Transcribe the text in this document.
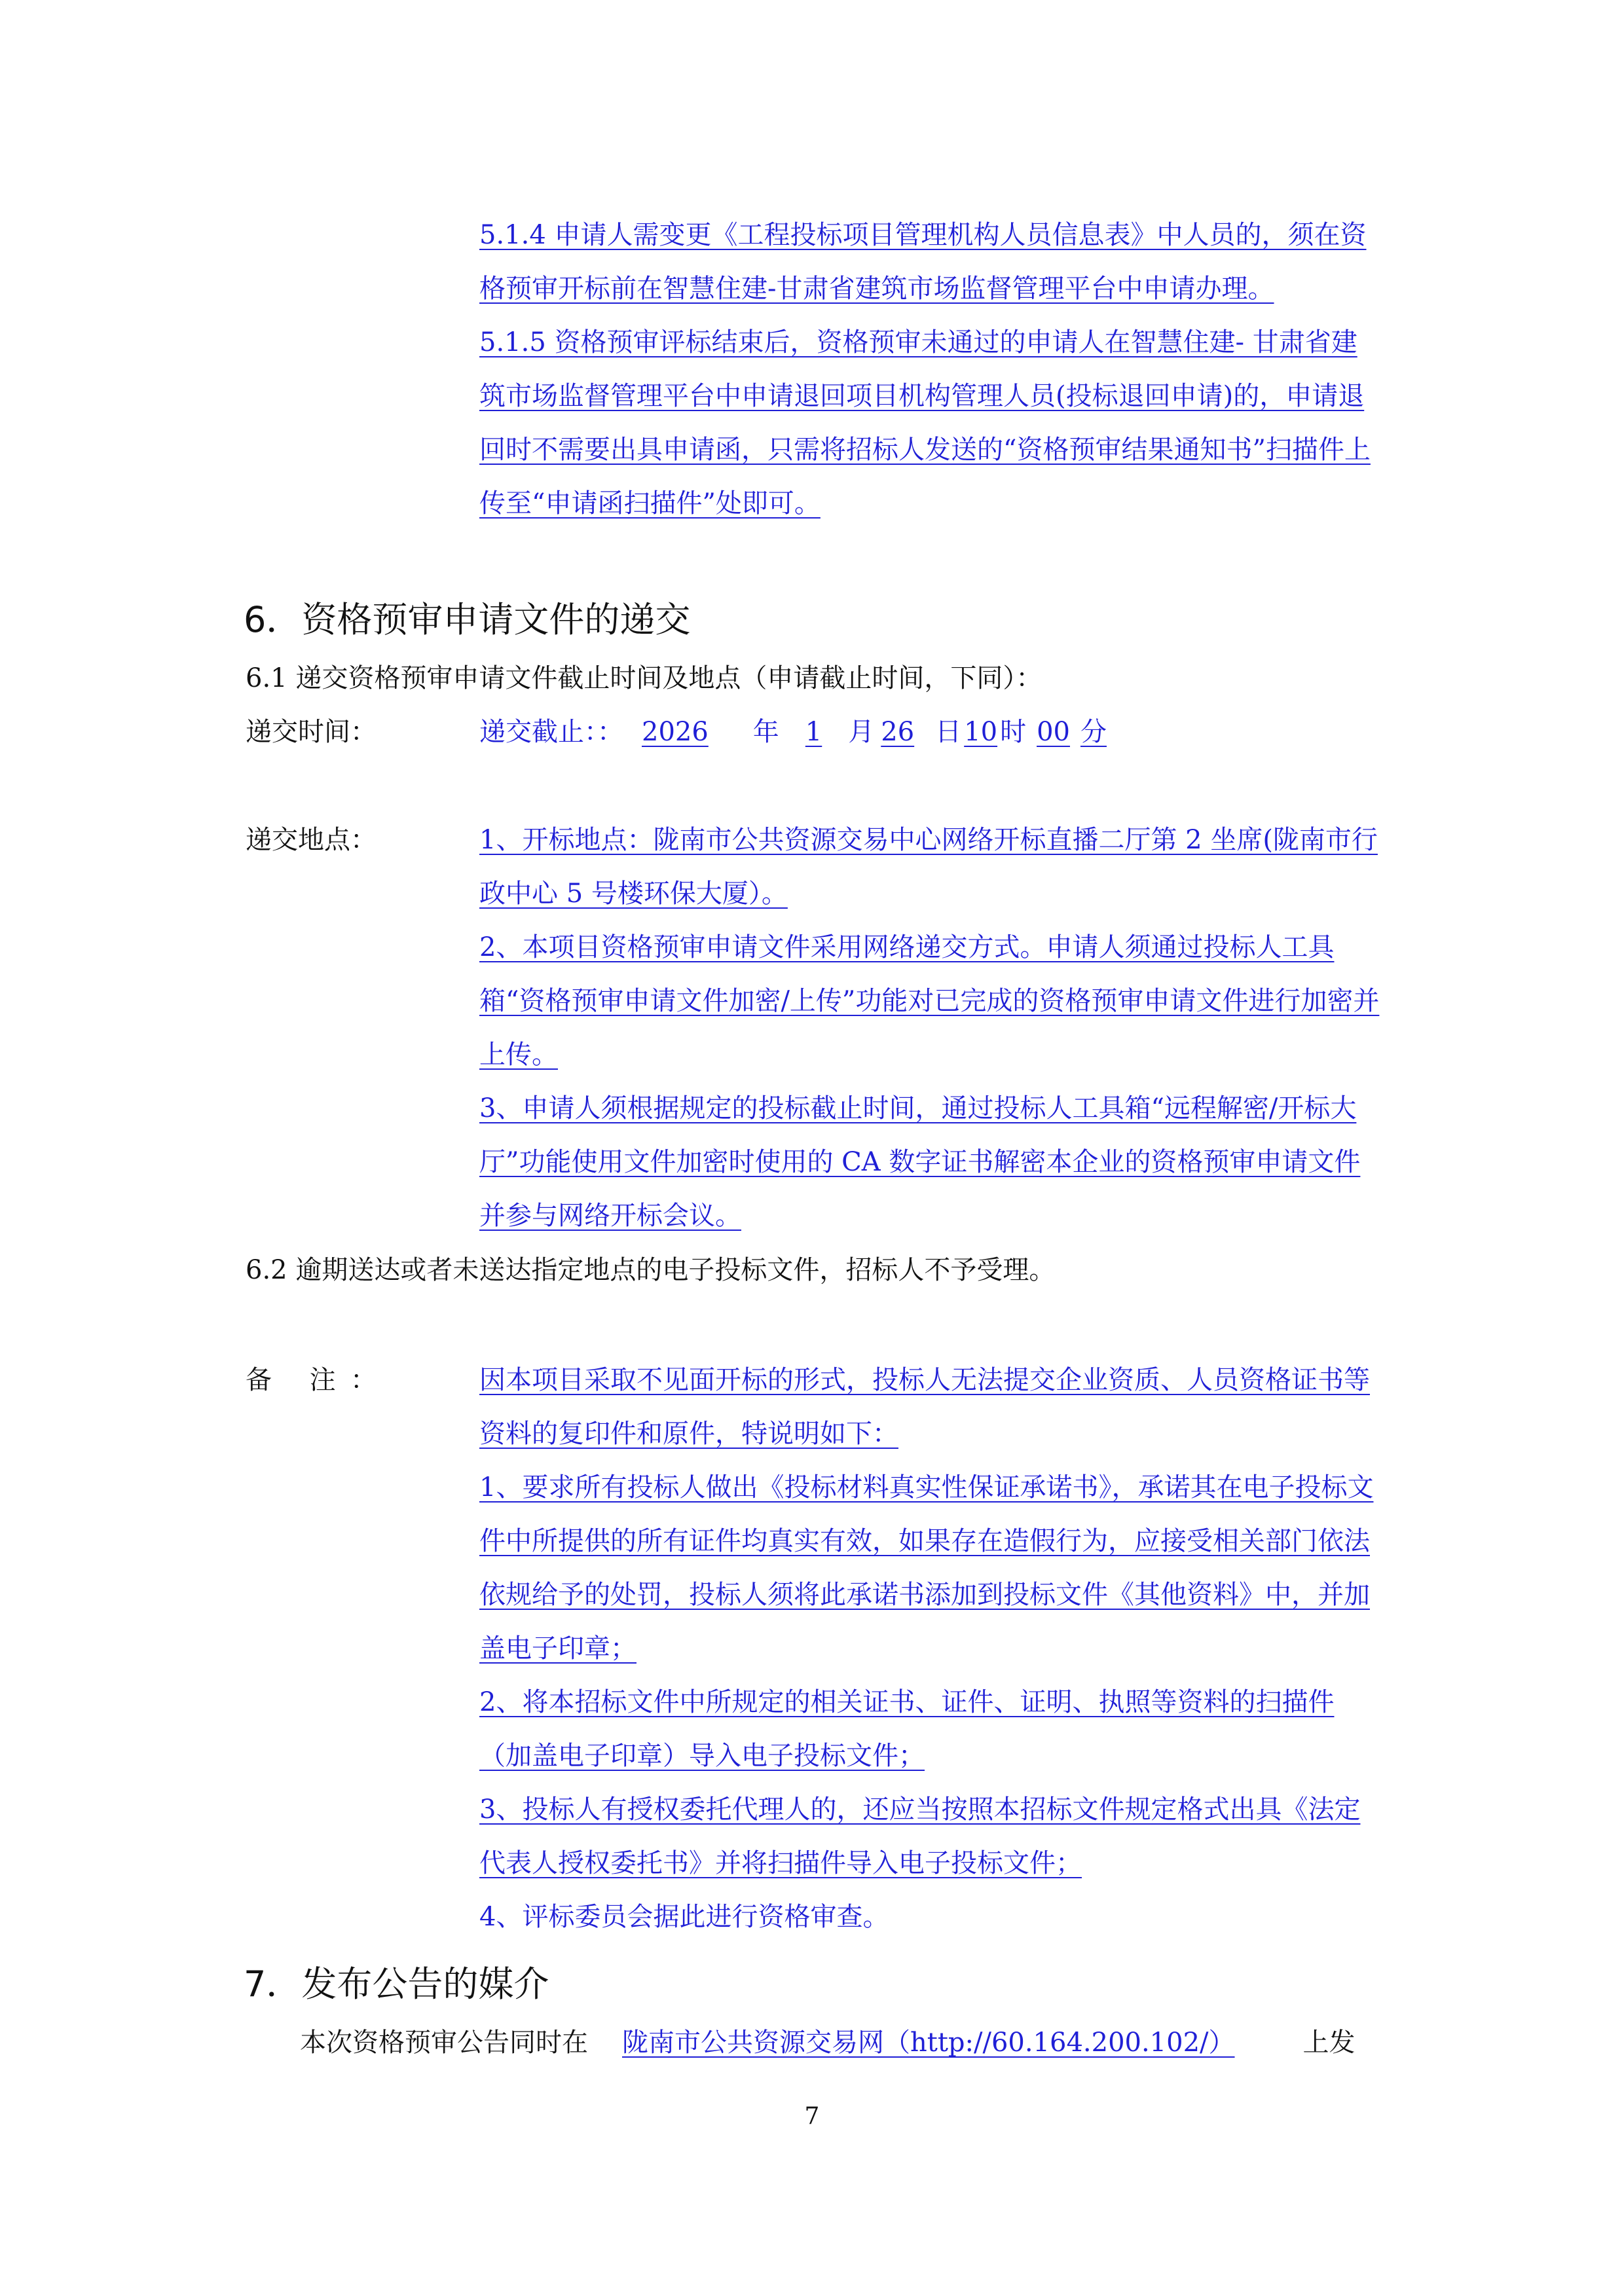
5.1.4 申请人需变更《工程投标项目管理机构人员信息表》中人员的，须在资格预审开标前在智慧住建-甘肃省建筑市场监督管理平台中申请办理。
5.1.5 资格预审评标结束后，资格预审未通过的申请人在智慧住建- 甘肃省建筑市场监督管理平台中申请退回项目机构管理人员(投标退回申请)的，申请退回时不需要出具申请函，只需将招标人发送的“资格预审结果通知书”扫描件上传至“申请函扫描件”处即可。
6．资格预审申请文件的递交
6.1 递交资格预审申请文件截止时间及地点（申请截止时间，下同）：
递交时间：	递交截止：： 2026 年 1 月 26 日 10 时 00 分
递交地点：	1、开标地点：陇南市公共资源交易中心网络开标直播二厅第 2 坐席(陇南市行政中心 5 号楼环保大厦）。
2、本项目资格预审申请文件采用网络递交方式。申请人须通过投标人工具箱“资格预审申请文件加密/上传”功能对已完成的资格预审申请文件进行加密并上传。
3、申请人须根据规定的投标截止时间，通过投标人工具箱“远程解密/开标大厅”功能使用文件加密时使用的 CA 数字证书解密本企业的资格预审申请文件并参与网络开标会议。
6.2 逾期送达或者未送达指定地点的电子投标文件，招标人不予受理。
备 注：	因本项目采取不见面开标的形式，投标人无法提交企业资质、人员资格证书等资料的复印件和原件，特说明如下：
1、要求所有投标人做出《投标材料真实性保证承诺书》，承诺其在电子投标文件中所提供的所有证件均真实有效，如果存在造假行为，应接受相关部门依法依规给予的处罚，投标人须将此承诺书添加到投标文件《其他资料》中，并加盖电子印章；
2、将本招标文件中所规定的相关证书、证件、证明、执照等资料的扫描件（加盖电子印章）导入电子投标文件；
3、投标人有授权委托代理人的，还应当按照本招标文件规定格式出具《法定代表人授权委托书》并将扫描件导入电子投标文件；
4、评标委员会据此进行资格审查。
7．发布公告的媒介
本次资格预审公告同时在 陇南市公共资源交易网（http://60.164.200.102/）	上发
7
